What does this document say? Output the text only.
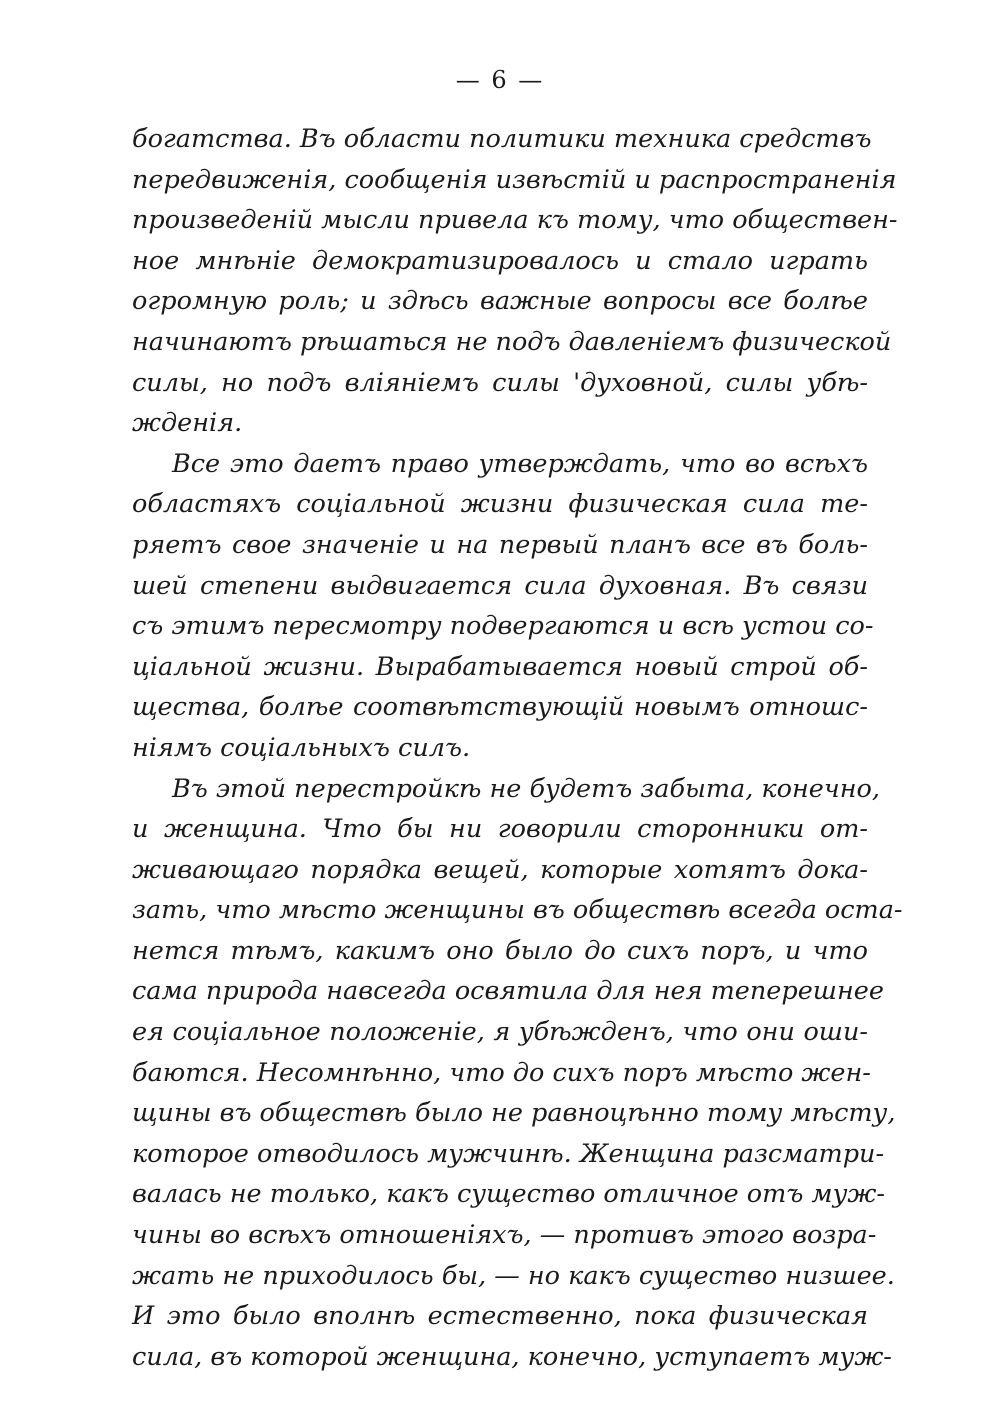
— 6 —
богатства. Въ области политики техника средствъ
передвиженія, сообщенія извѣстій и распространенія
произведеній мысли привела къ тому, что обществен-
ное мнѣніе демократизировалось и стало играть
огромную роль; и здѣсь важные вопросы все болѣе
начинаютъ рѣшаться не подъ давленіемъ физической
силы, но подъ вліяніемъ силы 'духовной, силы убѣ-
жденія.
Все это даетъ право утверждать, что во всѣхъ
областяхъ соціальной жизни физическая сила те-
ряетъ свое значеніе и на первый планъ все въ боль-
шей степени выдвигается сила духовная. Въ связи
съ этимъ пересмотру подвергаются и всѣ устои со-
ціальной жизни. Вырабатывается новый строй об-
щества, болѣе соотвѣтствующій новымъ отношс-
ніямъ соціальныхъ силъ.
Въ этой перестройкѣ не будетъ забыта, конечно,
и женщина. Что бы ни говорили сторонники от-
живающаго порядка вещей, которые хотятъ дока-
зать, что мѣсто женщины въ обществѣ всегда оста-
нется тѣмъ, какимъ оно было до сихъ поръ, и что
сама природа навсегда освятила для нея теперешнее
ея соціальное положеніе, я убѣжденъ, что они оши-
баются. Несомнѣнно, что до сихъ поръ мѣсто жен-
щины въ обществѣ было не равноцѣнно тому мѣсту,
которое отводилось мужчинѣ. Женщина разсматри-
валась не только, какъ существо отличное отъ муж-
чины во всѣхъ отношеніяхъ, — противъ этого возра-
жать не приходилось бы, — но какъ существо низшее.
И это было вполнѣ естественно, пока физическая
сила, въ которой женщина, конечно, уступаетъ муж-
